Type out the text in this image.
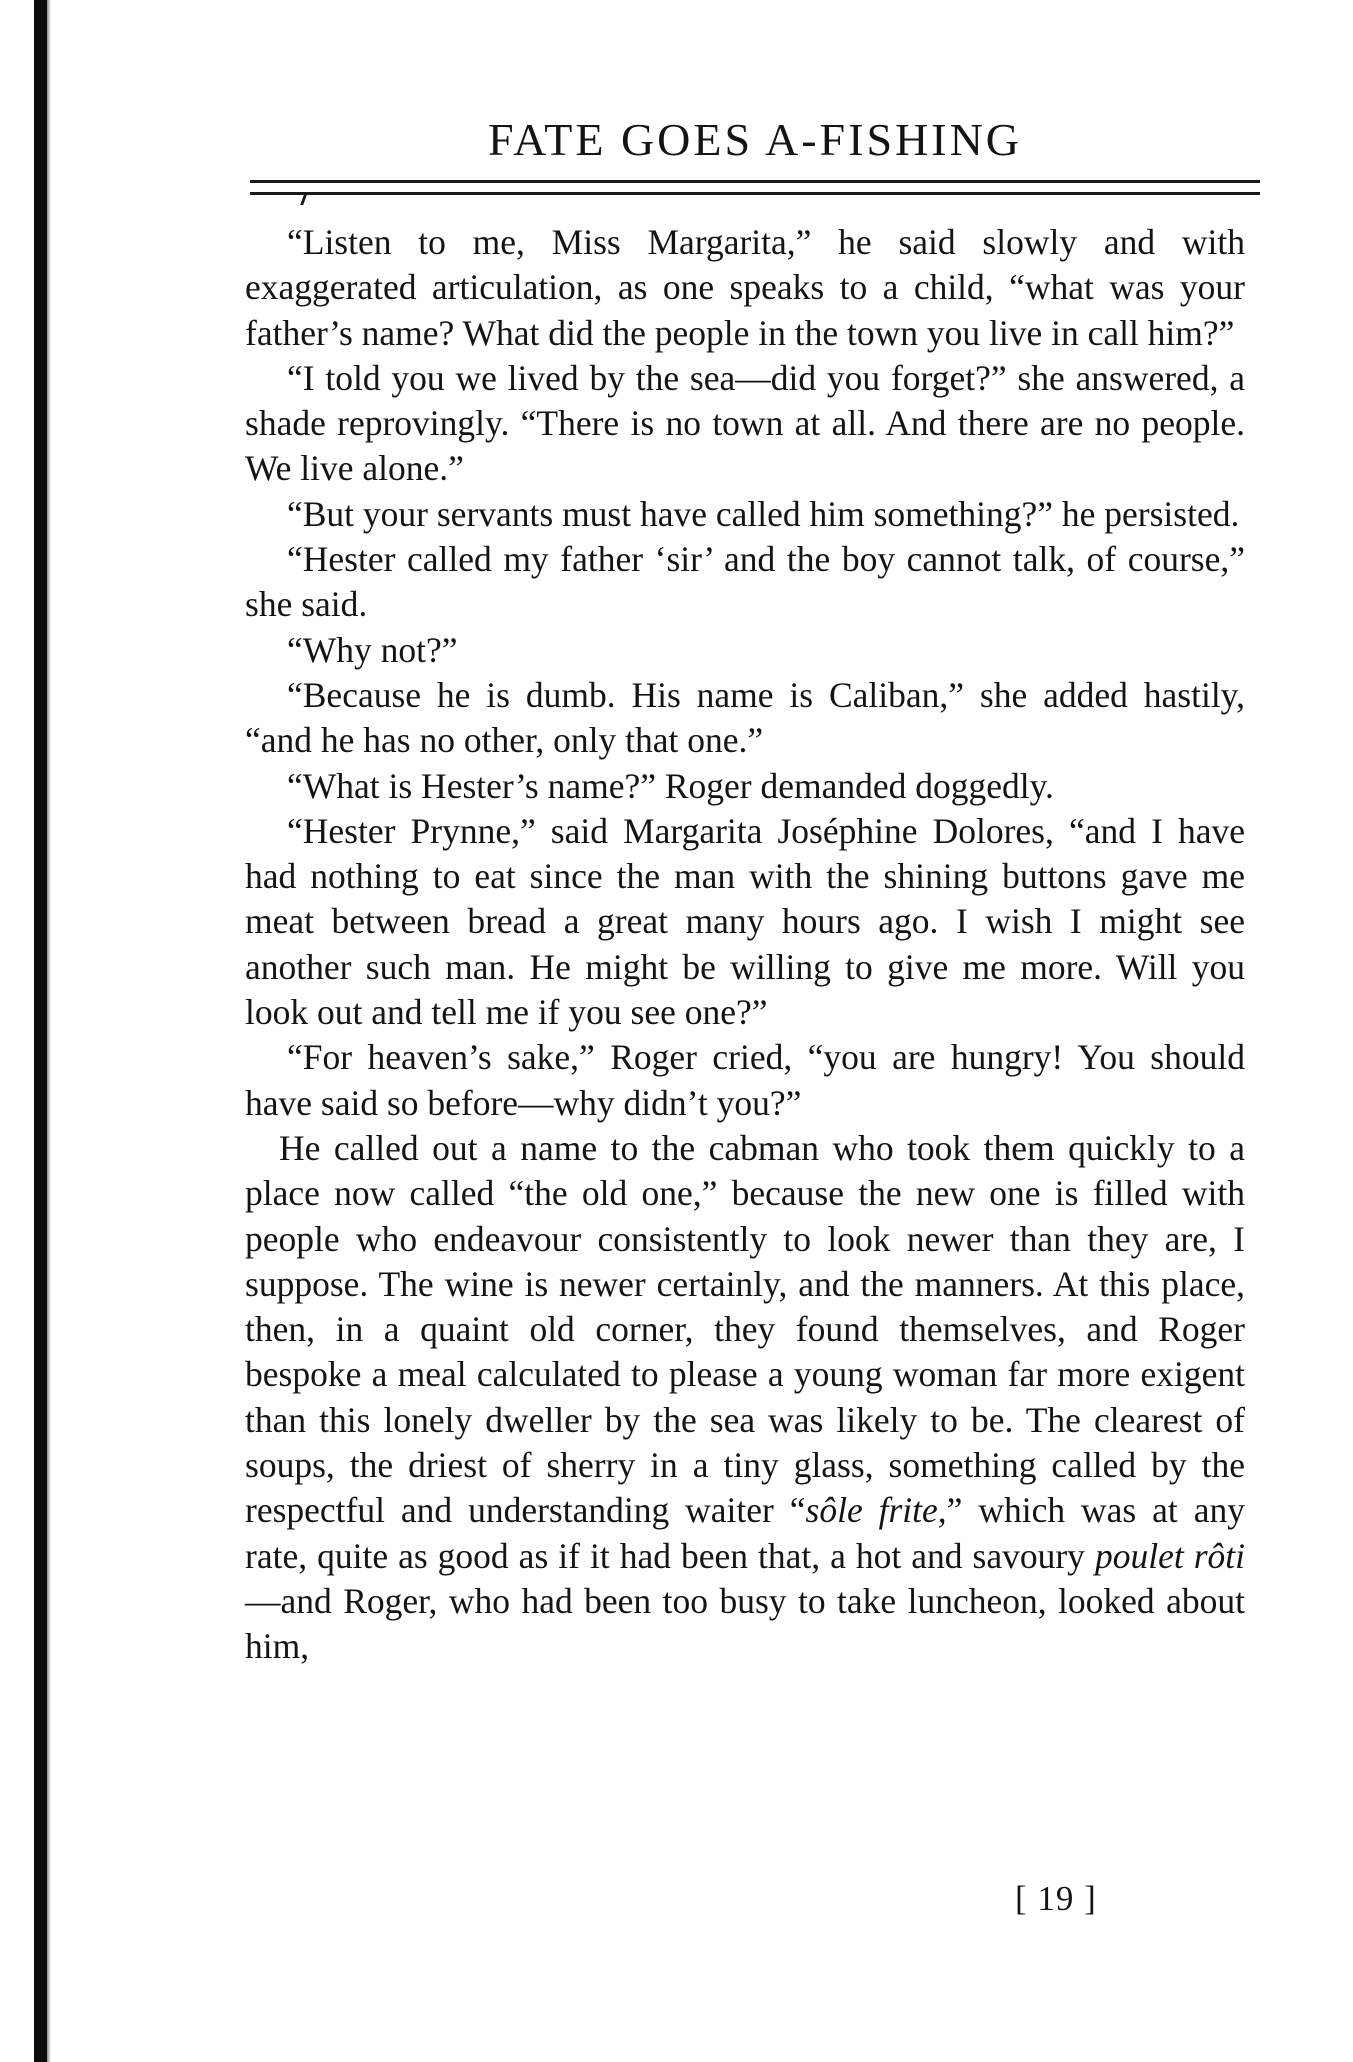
FATE GOES A-FISHING

“Listen to me, Miss Margarita,” he said slowly and with exaggerated articulation, as one speaks to a child, “what was your father’s name? What did the people in the town you live in call him?”

“I told you we lived by the sea—did you forget?” she answered, a shade reprovingly. “There is no town at all. And there are no people. We live alone.”

“But your servants must have called him something?” he persisted.

“Hester called my father ‘sir’ and the boy cannot talk, of course,” she said.

“Why not?”

“Because he is dumb. His name is Caliban,” she added hastily, “and he has no other, only that one.”

“What is Hester’s name?” Roger demanded doggedly.

“Hester Prynne,” said Margarita Joséphine Dolores, “and I have had nothing to eat since the man with the shining buttons gave me meat between bread a great many hours ago. I wish I might see another such man. He might be willing to give me more. Will you look out and tell me if you see one?”

“For heaven’s sake,” Roger cried, “you are hungry! You should have said so before—why didn’t you?”

He called out a name to the cabman who took them quickly to a place now called “the old one,” because the new one is filled with people who endeavour consistently to look newer than they are, I suppose. The wine is newer certainly, and the manners. At this place, then, in a quaint old corner, they found themselves, and Roger bespoke a meal calculated to please a young woman far more exigent than this lonely dweller by the sea was likely to be. The clearest of soups, the driest of sherry in a tiny glass, something called by the respectful and understanding waiter “sôle frite,” which was at any rate, quite as good as if it had been that, a hot and savoury poulet rôti—and Roger, who had been too busy to take luncheon, looked about him,

[ 19 ]
